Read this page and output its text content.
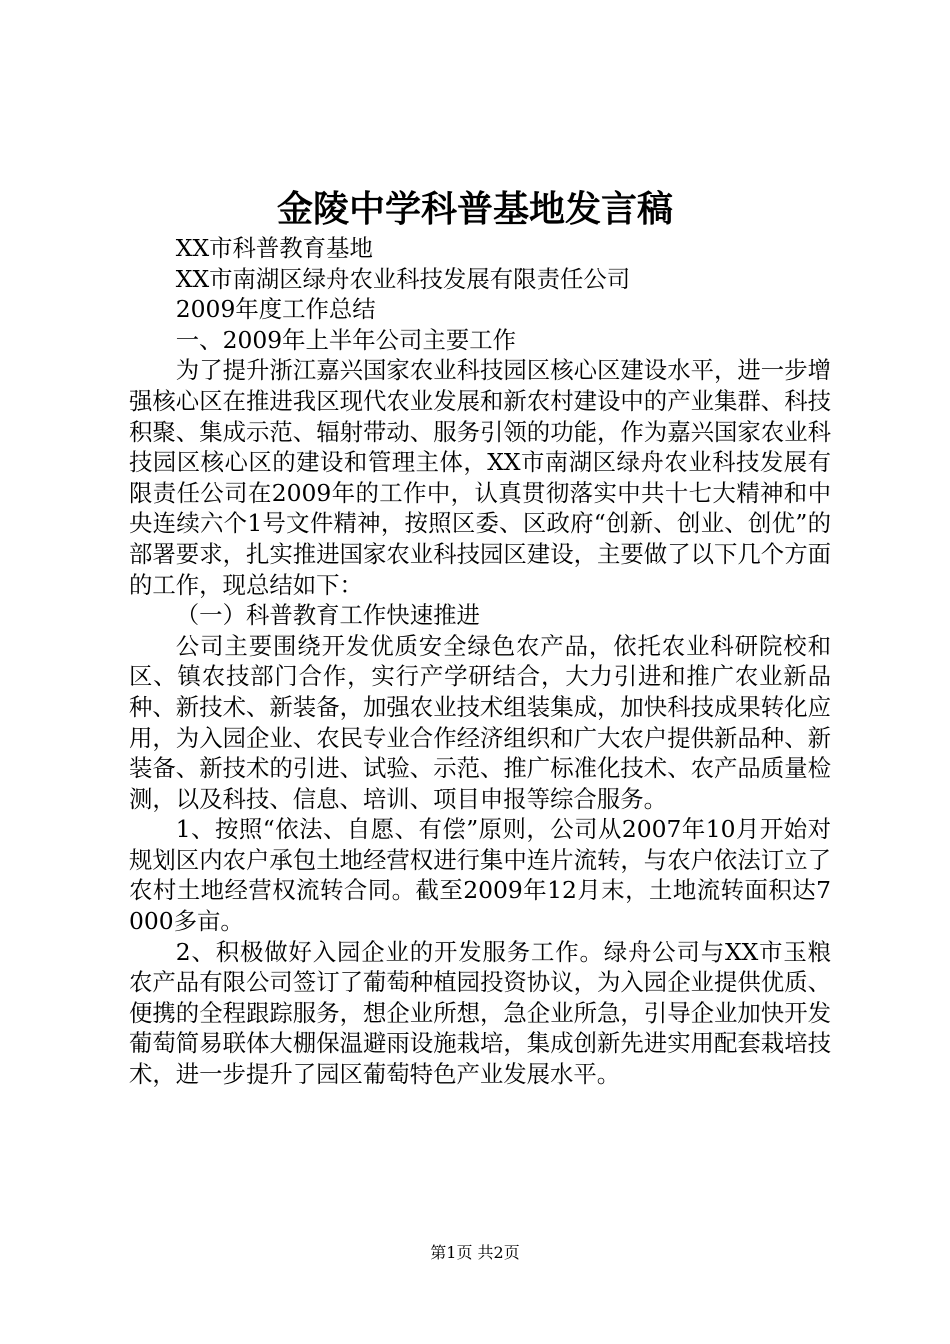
金陵中学科普基地发言稿

XX市科普教育基地

XX市南湖区绿舟农业科技发展有限责任公司

2009年度工作总结

一、2009年上半年公司主要工作

为了提升浙江嘉兴国家农业科技园区核心区建设水平，进一步增强核心区在推进我区现代农业发展和新农村建设中的产业集群、科技积聚、集成示范、辐射带动、服务引领的功能，作为嘉兴国家农业科技园区核心区的建设和管理主体，XX市南湖区绿舟农业科技发展有限责任公司在2009年的工作中，认真贯彻落实中共十七大精神和中央连续六个1号文件精神，按照区委、区政府“创新、创业、创优”的部署要求，扎实推进国家农业科技园区建设，主要做了以下几个方面的工作，现总结如下：

（一）科普教育工作快速推进

公司主要围绕开发优质安全绿色农产品，依托农业科研院校和区、镇农技部门合作，实行产学研结合，大力引进和推广农业新品种、新技术、新装备，加强农业技术组装集成，加快科技成果转化应用，为入园企业、农民专业合作经济组织和广大农户提供新品种、新装备、新技术的引进、试验、示范、推广标准化技术、农产品质量检测，以及科技、信息、培训、项目申报等综合服务。

1、按照“依法、自愿、有偿”原则，公司从2007年10月开始对规划区内农户承包土地经营权进行集中连片流转，与农户依法订立了农村土地经营权流转合同。截至2009年12月末，土地流转面积达7000多亩。

2、积极做好入园企业的开发服务工作。绿舟公司与XX市玉粮农产品有限公司签订了葡萄种植园投资协议，为入园企业提供优质、便携的全程跟踪服务，想企业所想，急企业所急，引导企业加快开发葡萄简易联体大棚保温避雨设施栽培，集成创新先进实用配套栽培技术，进一步提升了园区葡萄特色产业发展水平。

第1页 共2页
